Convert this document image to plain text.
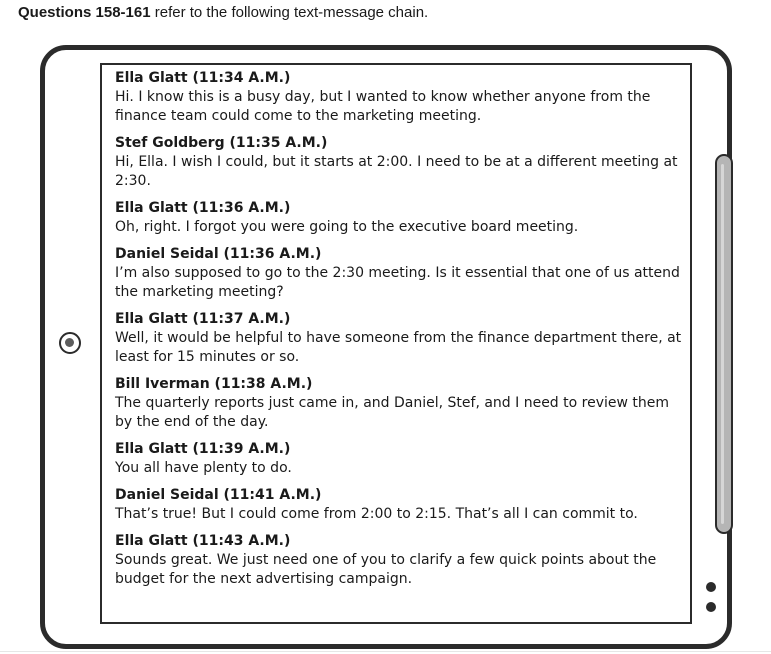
Questions 158-161 refer to the following text-message chain.
Ella Glatt (11:34 A.M.)
Hi. I know this is a busy day, but I wanted to know whether anyone from the finance team could come to the marketing meeting.
Stef Goldberg (11:35 A.M.)
Hi, Ella. I wish I could, but it starts at 2:00. I need to be at a different meeting at 2:30.
Ella Glatt (11:36 A.M.)
Oh, right. I forgot you were going to the executive board meeting.
Daniel Seidal (11:36 A.M.)
I’m also supposed to go to the 2:30 meeting. Is it essential that one of us attend the marketing meeting?
Ella Glatt (11:37 A.M.)
Well, it would be helpful to have someone from the finance department there, at least for 15 minutes or so.
Bill Iverman (11:38 A.M.)
The quarterly reports just came in, and Daniel, Stef, and I need to review them by the end of the day.
Ella Glatt (11:39 A.M.)
You all have plenty to do.
Daniel Seidal (11:41 A.M.)
That’s true! But I could come from 2:00 to 2:15. That’s all I can commit to.
Ella Glatt (11:43 A.M.)
Sounds great. We just need one of you to clarify a few quick points about the budget for the next advertising campaign.
